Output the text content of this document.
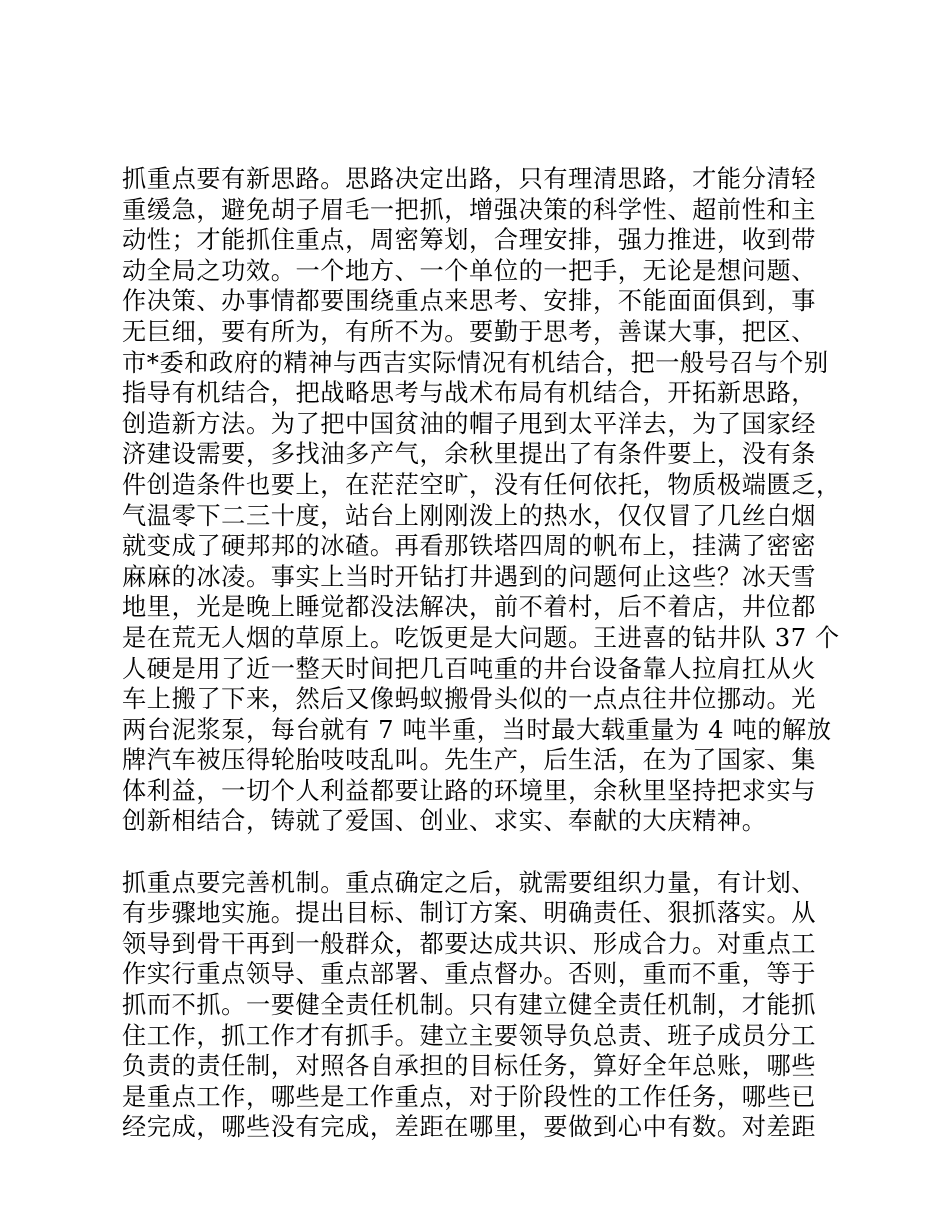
抓重点要有新思路。思路决定出路，只有理清思路，才能分清轻
重缓急，避免胡子眉毛一把抓，增强决策的科学性、超前性和主
动性；才能抓住重点，周密筹划，合理安排，强力推进，收到带
动全局之功效。一个地方、一个单位的一把手，无论是想问题、
作决策、办事情都要围绕重点来思考、安排，不能面面俱到，事
无巨细，要有所为，有所不为。要勤于思考，善谋大事，把区、
市*委和政府的精神与西吉实际情况有机结合，把一般号召与个别
指导有机结合，把战略思考与战术布局有机结合，开拓新思路，
创造新方法。为了把中国贫油的帽子甩到太平洋去，为了国家经
济建设需要，多找油多产气，余秋里提出了有条件要上，没有条
件创造条件也要上，在茫茫空旷，没有任何依托，物质极端匮乏，
气温零下二三十度，站台上刚刚泼上的热水，仅仅冒了几丝白烟
就变成了硬邦邦的冰碴。再看那铁塔四周的帆布上，挂满了密密
麻麻的冰凌。事实上当时开钻打井遇到的问题何止这些？冰天雪
地里，光是晚上睡觉都没法解决，前不着村，后不着店，井位都
是在荒无人烟的草原上。吃饭更是大问题。王进喜的钻井队 37 个
人硬是用了近一整天时间把几百吨重的井台设备靠人拉肩扛从火
车上搬了下来，然后又像蚂蚁搬骨头似的一点点往井位挪动。光
两台泥浆泵，每台就有 7 吨半重，当时最大载重量为 4 吨的解放
牌汽车被压得轮胎吱吱乱叫。先生产，后生活，在为了国家、集
体利益，一切个人利益都要让路的环境里，余秋里坚持把求实与
创新相结合，铸就了爱国、创业、求实、奉献的大庆精神。
抓重点要完善机制。重点确定之后，就需要组织力量，有计划、
有步骤地实施。提出目标、制订方案、明确责任、狠抓落实。从
领导到骨干再到一般群众，都要达成共识、形成合力。对重点工
作实行重点领导、重点部署、重点督办。否则，重而不重，等于
抓而不抓。一要健全责任机制。只有建立健全责任机制，才能抓
住工作，抓工作才有抓手。建立主要领导负总责、班子成员分工
负责的责任制，对照各自承担的目标任务，算好全年总账，哪些
是重点工作，哪些是工作重点，对于阶段性的工作任务，哪些已
经完成，哪些没有完成，差距在哪里，要做到心中有数。对差距
